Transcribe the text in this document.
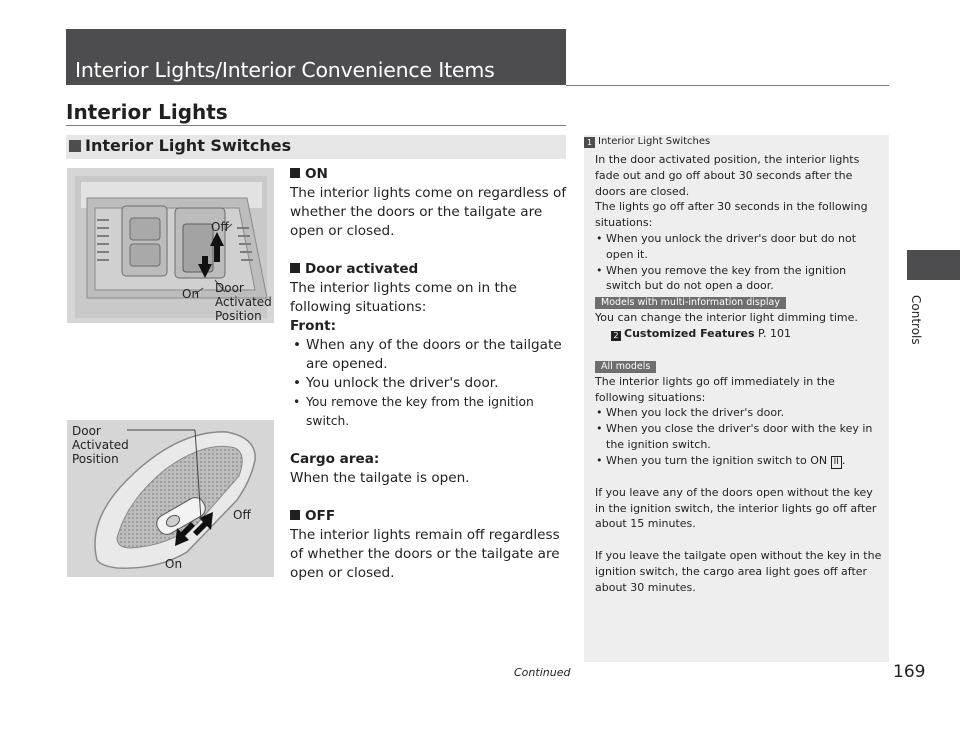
Interior Lights/Interior Convenience Items
Interior Lights
Interior Light Switches
Off
On Door
Activated
Position
Door
Activated
Position
Off
On

ON

The interior lights come on regardless of whether the doors or the tailgate are open or closed.

Door activated

The interior lights come on in the following situations:

Front:

• When any of the doors or the tailgate are opened.

• You unlock the driver's door.

• You remove the key from the ignition switch.

Cargo area:

When the tailgate is open.

OFF

The interior lights remain off regardless of whether the doors or the tailgate are open or closed.

1 Interior Light Switches

In the door activated position, the interior lights fade out and go off about 30 seconds after the doors are closed.

The lights go off after 30 seconds in the following situations:

• When you unlock the driver's door but do not open it.

• When you remove the key from the ignition switch but do not open a door.

Models with multi-information display

You can change the interior light dimming time.

2 Customized Features P. 101

All models

The interior lights go off immediately in the following situations:

• When you lock the driver's door.

• When you close the driver's door with the key in the ignition switch.

• When you turn the ignition switch to ON II .

If you leave any of the doors open without the key in the ignition switch, the interior lights go off after about 15 minutes.

If you leave the tailgate open without the key in the ignition switch, the cargo area light goes off after about 30 minutes.

Controls
Continued	169
